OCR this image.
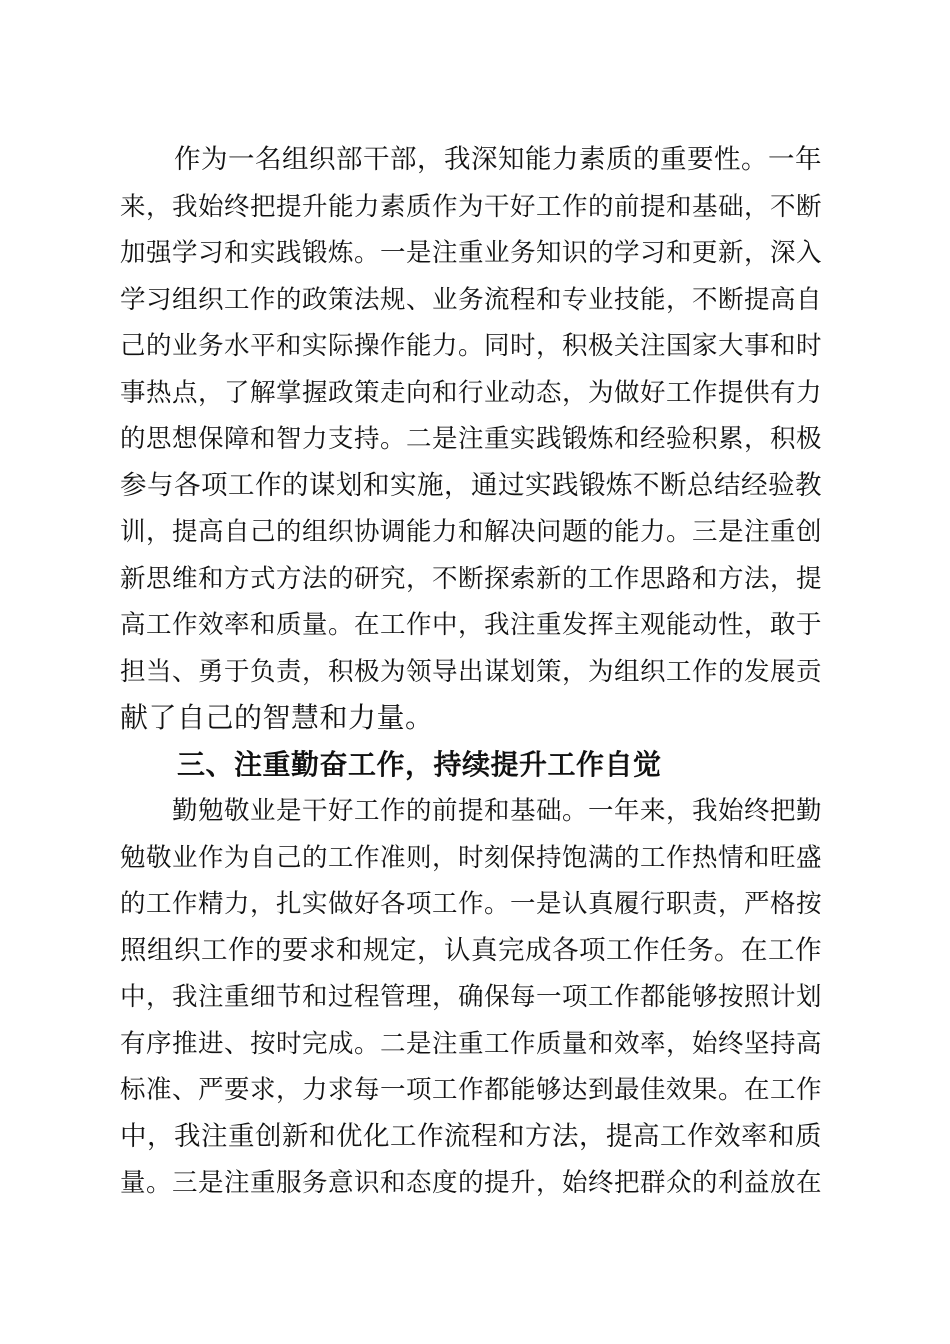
　　作为一名组织部干部，我深知能力素质的重要性。一年
来，我始终把提升能力素质作为干好工作的前提和基础，不断
加强学习和实践锻炼。一是注重业务知识的学习和更新，深入
学习组织工作的政策法规、业务流程和专业技能，不断提高自
己的业务水平和实际操作能力。同时，积极关注国家大事和时
事热点，了解掌握政策走向和行业动态，为做好工作提供有力
的思想保障和智力支持。二是注重实践锻炼和经验积累，积极
参与各项工作的谋划和实施，通过实践锻炼不断总结经验教
训，提高自己的组织协调能力和解决问题的能力。三是注重创
新思维和方式方法的研究，不断探索新的工作思路和方法，提
高工作效率和质量。在工作中，我注重发挥主观能动性，敢于
担当、勇于负责，积极为领导出谋划策，为组织工作的发展贡
献了自己的智慧和力量。
　　三、注重勤奋工作，持续提升工作自觉
　　勤勉敬业是干好工作的前提和基础。一年来，我始终把勤
勉敬业作为自己的工作准则，时刻保持饱满的工作热情和旺盛
的工作精力，扎实做好各项工作。一是认真履行职责，严格按
照组织工作的要求和规定，认真完成各项工作任务。在工作
中，我注重细节和过程管理，确保每一项工作都能够按照计划
有序推进、按时完成。二是注重工作质量和效率，始终坚持高
标准、严要求，力求每一项工作都能够达到最佳效果。在工作
中，我注重创新和优化工作流程和方法，提高工作效率和质
量。三是注重服务意识和态度的提升，始终把群众的利益放在
